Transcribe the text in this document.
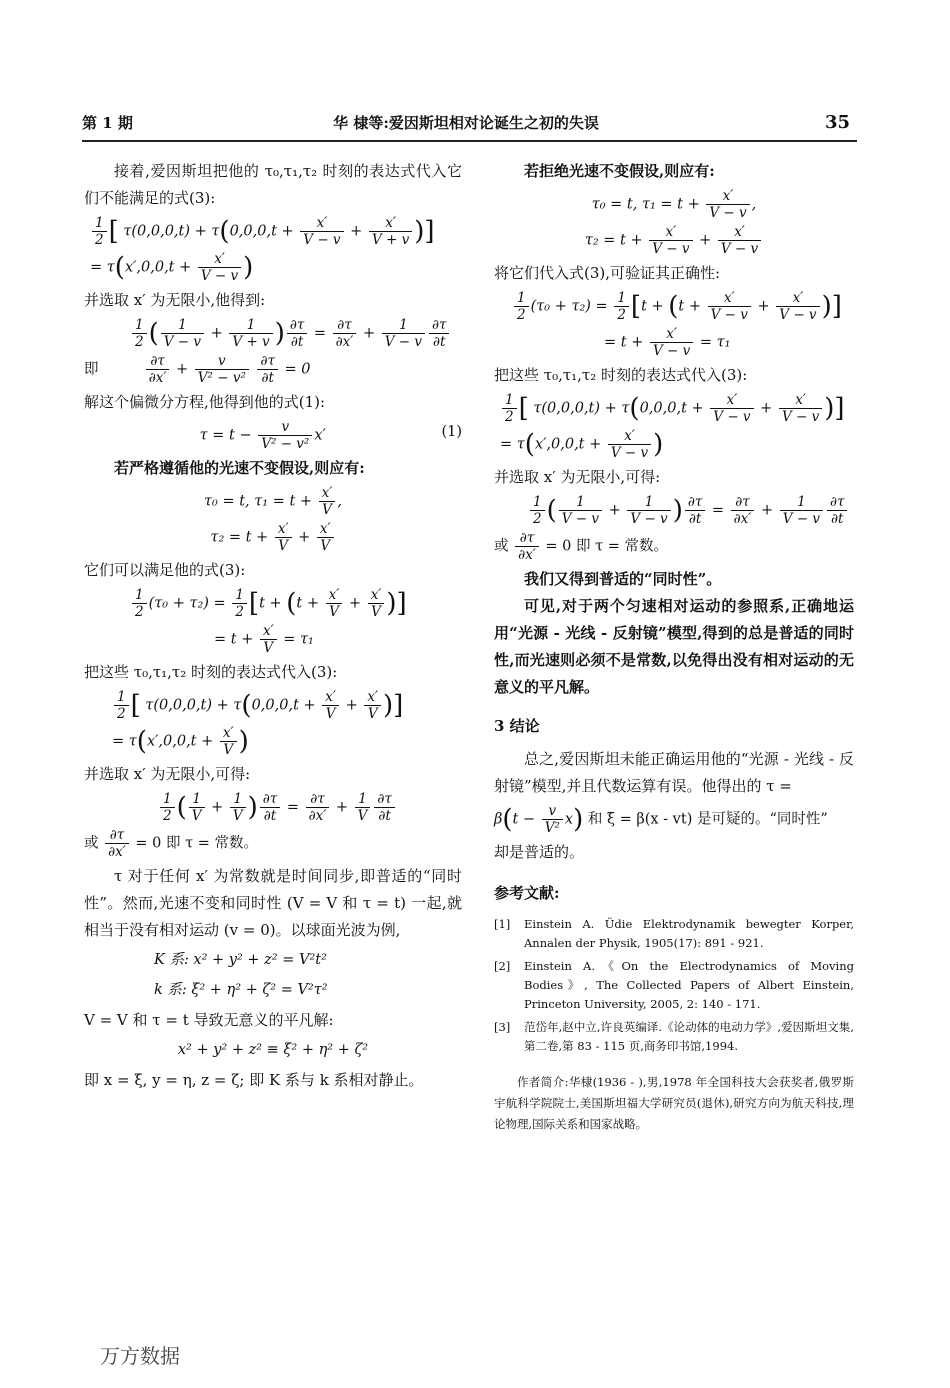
第 1 期	华 棣等:爱因斯坦相对论诞生之初的失误	35

接着,爱因斯坦把他的 τ₀,τ₁,τ₂ 时刻的表达式代入它们不能满足的式(3):

$\frac{1}{2}$ [ $\tau(0,0,0,t) + \tau(0,0,0,t + \frac{x'}{V - v} + \frac{x'}{V + v}$ )]
= $\tau(x',0,0,t + \frac{x'}{V - v}$ )

并选取 x′ 为无限小,他得到:

$\frac{1}{2}$ ( $\frac{1}{V - v} + \frac{1}{V + v}$ ) $\frac{\partial\tau}{\partial t} = \frac{\partial\tau}{\partial x'} + \frac{1}{V - v} \frac{\partial\tau}{\partial t}$
即	$\frac{\partial\tau}{\partial x'} + \frac{v}{\text{V² − v²}}$
$\frac{\partial\tau}{\partial t} = 0$

解这个偏微分方程,他得到他的式(1):

$\tau = t - \frac{v}{\text{V² − v²}} x'$	(1)

若严格遵循他的光速不变假设,则应有:

τ₀ = t, $\tau_1 = t + \frac{x'}{V}$ ,
$\tau_2 = t + \frac{x'}{V} + \frac{x'}{V}$

它们可以满足他的式(3):

$\frac{1}{2} (\tau_0 + \tau_2) = \frac{1}{2} [t + (t + \frac{x'}{V} + \frac{x'}{V}$ )]
= $t + \frac{x'}{V} = \tau_1$

把这些 τ₀,τ₁,τ₂ 时刻的表达式代入(3):

$\frac{1}{2}$ [ $\tau(0,0,0,t) + \tau(0,0,0,t + \frac{x'}{V} + \frac{x'}{V}$ )]
= $\tau(x',0,0,t + \frac{x'}{V}$ )

并选取 x′ 为无限小,可得:

$\frac{1}{2}$ ( $\frac{1}{V} + \frac{1}{V}$ ) $\frac{\partial\tau}{\partial t} = \frac{\partial\tau}{\partial x'} + \frac{1}{V} \frac{\partial\tau}{\partial t}$
或 $\frac{\partial\tau}{\partial x'} = 0$ 即 τ = 常数。

τ 对于任何 x′ 为常数就是时间同步,即普适的“同时性”。然而,光速不变和同时性 (V = V 和 τ = t) 一起,就相当于没有相对运动 (v = 0)。以球面光波为例,

K 系: x² + y² + z² = V²t²
k 系: ξ² + η² + ζ² = V²τ²

V = V 和 τ = t 导致无意义的平凡解:

x² + y² + z² ≡ ξ² + η² + ζ²

即 x = ξ, y = η, z = ζ; 即 K 系与 k 系相对静止。

若拒绝光速不变假设,则应有:

τ₀ = t, $\tau_1 = t + \frac{x'}{V - v}$ ,
$\tau_2 = t + \frac{x'}{V - v} + \frac{x'}{V - v}$

将它们代入式(3),可验证其正确性:

$\frac{1}{2} (\tau_0 + \tau_2) = \frac{1}{2} [t + (t + \frac{x'}{V - v} + \frac{x'}{V - v}$ )]
= $t + \frac{x'}{V - v} = \tau_1$

把这些 τ₀,τ₁,τ₂ 时刻的表达式代入(3):

$\frac{1}{2}$ [ $\tau(0,0,0,t) + \tau(0,0,0,t + \frac{x'}{V - v} + \frac{x'}{V - v}$ )]
= $\tau(x',0,0,t + \frac{x'}{V - v}$ )

并选取 x′ 为无限小,可得:

$\frac{1}{2}$ ( $\frac{1}{V - v} + \frac{1}{V - v}$ ) $\frac{\partial\tau}{\partial t} = \frac{\partial\tau}{\partial x'} + \frac{1}{V - v} \frac{\partial\tau}{\partial t}$
或 $\frac{\partial\tau}{\partial x'} = 0$ 即 τ = 常数。

我们又得到普适的“同时性”。

可见,对于两个匀速相对运动的参照系,正确地运用“光源 - 光线 - 反射镜”模型,得到的总是普适的同时性,而光速则必须不是常数,以免得出没有相对运动的无意义的平凡解。

3 结论

总之,爱因斯坦未能正确运用他的“光源 - 光线 - 反射镜”模型,并且代数运算有误。他得出的 τ =

$\beta(t - \frac{v}{\text{V²}} x)$ 和 ξ = β(x - vt) 是可疑的。“同时性”

却是普适的。

参考文献:
[1]	Einstein A. Üdie Elektrodynamik bewegter Korper, Annalen der Physik, 1905(17): 891 - 921.
[2]	Einstein A.《On the Electrodynamics of Moving Bodies》, The Collected Papers of Albert Einstein, Princeton University, 2005, 2: 140 - 171.
[3]	范岱年,赵中立,许良英编译.《论动体的电动力学》,爱因斯坦文集,第二卷,第 83 - 115 页,商务印书馆,1994.

作者简介:华棣(1936 - ),男,1978 年全国科技大会获奖者,俄罗斯宇航科学院院士,美国斯坦福大学研究员(退休),研究方向为航天科技,理论物理,国际关系和国家战略。

万方数据
